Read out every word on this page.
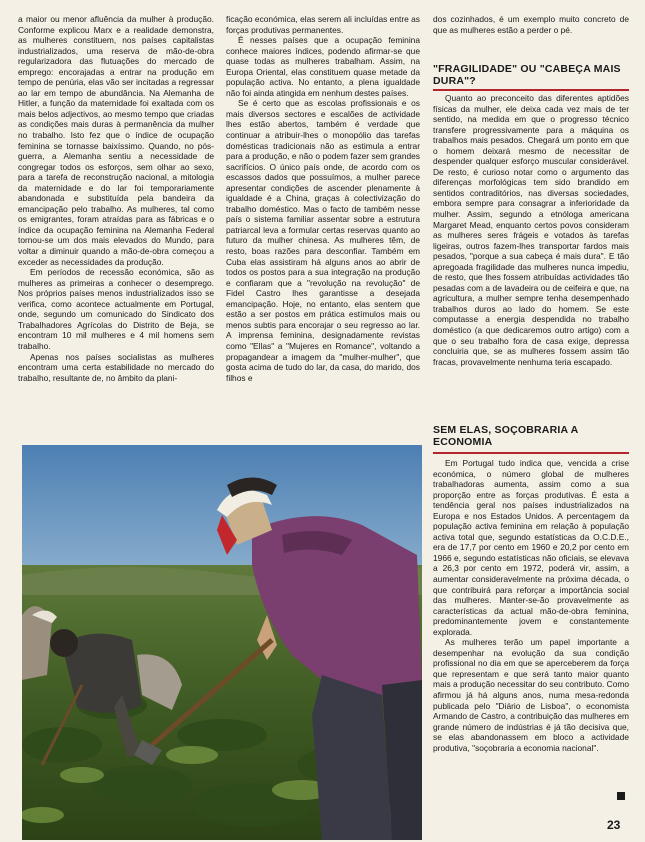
a maior ou menor afluência da mulher à produção. Conforme explicou Marx e a realidade demonstra, as mulheres constituem, nos países capitalistas industrializados, uma reserva de mão-de-obra regularizadora das flutuações do mercado de emprego: encorajadas a entrar na produção em tempo de penúria, elas vão ser incitadas a regressar ao lar em tempo de abundância. Na Alemanha de Hitler, a função da maternidade foi exaltada com os mais belos adjectivos, ao mesmo tempo que criadas as condições mais duras à permanência da mulher no trabalho. Isto fez que o índice de ocupação feminina se tornasse baixíssimo. Quando, no pós-guerra, a Alemanha sentiu a necessidade de congregar todos os esforços, sem olhar ao sexo, para a tarefa de reconstrução nacional, a mitologia da maternidade e do lar foi temporariamente abandonada e substituída pela bandeira da emancipação pelo trabalho. As mulheres, tal como os emigrantes, foram atraídas para as fábricas e o índice da ocupação feminina na Alemanha Federal tornou-se um dos mais elevados do Mundo, para voltar a diminuir quando a mão-de-obra começou a exceder as necessidades da produção.

Em períodos de recessão económica, são as mulheres as primeiras a conhecer o desemprego. Nos próprios países menos industrializados isso se verifica, como acontece actualmente em Portugal, onde, segundo um comunicado do Sindicato dos Trabalhadores Agrícolas do Distrito de Beja, se encontram 10 mil mulheres e 4 mil homens sem trabalho.

Apenas nos países socialistas as mulheres encontram uma certa estabilidade no mercado do trabalho, resultante de, no âmbito da plani-

ficação económica, elas serem ali incluídas entre as forças produtivas permanentes.

É nesses países que a ocupação feminina conhece maiores índices, podendo afirmar-se que quase todas as mulheres trabalham. Assim, na Europa Oriental, elas constituem quase metade da população activa. No entanto, a plena igualdade não foi ainda atingida em nenhum destes países.

Se é certo que as escolas profissionais e os mais diversos sectores e escalões de actividade lhes estão abertos, também é verdade que continuar a atribuir-lhes o monopólio das tarefas domésticas tradicionais não as estimula a entrar para a produção, e não o podem fazer sem grandes sacrifícios. O único país onde, de acordo com os escassos dados que possuímos, a mulher parece apresentar condições de ascender plenamente à igualdade é a China, graças à colectivização do trabalho doméstico. Mas o facto de também nesse país o sistema familiar assentar sobre a estrutura patriarcal leva a formular certas reservas quanto ao futuro da mulher chinesa. As mulheres têm, de resto, boas razões para desconfiar. Também em Cuba elas assistiram há alguns anos ao abrir de todos os postos para a sua integração na produção e confiaram que a "revolução na revolução" de Fidel Castro lhes garantisse a desejada emancipação. Hoje, no entanto, elas sentem que estão a ser postos em prática estímulos mais ou menos subtis para encorajar o seu regresso ao lar. A imprensa feminina, designadamente revistas como "Ellas" a "Mujeres en Romance", voltando a propagandear a imagem da "mulher-mulher", que gosta acima de tudo do lar, da casa, do marido, dos filhos e

dos cozinhados, é um exemplo muito concreto de que as mulheres estão a perder o pé.

"FRAGILIDADE" OU "CABEÇA MAIS DURA"?

Quanto ao preconceito das diferentes aptidões físicas da mulher, ele deixa cada vez mais de ter sentido, na medida em que o progresso técnico transfere progressivamente para a máquina os trabalhos mais pesados. Chegará um ponto em que o homem deixará mesmo de necessitar de despender qualquer esforço muscular considerável. De resto, é curioso notar como o argumento das diferenças morfológicas tem sido brandido em sentidos contraditórios, nas diversas sociedades, embora sempre para consagrar a inferioridade da mulher. Assim, segundo a etnóloga americana Margaret Mead, enquanto certos povos consideram as mulheres seres frágeis e votados às tarefas ligeiras, outros fazem-lhes transportar fardos mais pesados, "porque a sua cabeça é mais dura". E tão apregoada fragilidade das mulheres nunca impediu, de resto, que lhes fossem atribuídas actividades tão pesadas com a de lavadeira ou de ceifeira e que, na agricultura, a mulher sempre tenha desempenhado trabalhos duros ao lado do homem. Se este computasse a energia despendida no trabalho doméstico (a que dedicaremos outro artigo) com a que o seu trabalho fora de casa exige, depressa concluiria que, se as mulheres fossem assim tão fracas, provavelmente nenhuma teria escapado.

SEM ELAS, SOÇOBRARIA A ECONOMIA

Em Portugal tudo indica que, vencida a crise económica, o número global de mulheres trabalhadoras aumenta, assim como a sua proporção entre as forças produtivas. É esta a tendência geral nos países industrializados na Europa e nos Estados Unidos. A percentagem da população activa feminina em relação à população activa total que, segundo estatísticas da O.C.D.E., era de 17,7 por cento em 1960 e 20,2 por cento em 1966 e, segundo estatísticas não oficiais, se elevava a 26,3 por cento em 1972, poderá vir, assim, a aumentar consideravelmente na próxima década, o que contribuirá para reforçar a importância social das mulheres. Manter-se-ão provavelmente as características da actual mão-de-obra feminina, predominantemente jovem e constantemente explorada.

As mulheres terão um papel importante a desempenhar na evolução da sua condição profissional no dia em que se aperceberem da força que representam e que será tanto maior quanto mais a produção necessitar do seu contributo. Como afirmou já há alguns anos, numa mesa-redonda publicada pelo "Diário de Lisboa", o economista Armando de Castro, a contribuição das mulheres em grande número de indústrias é já tão decisiva que, se elas abandonassem em bloco a actividade produtiva, "soçobraria a economia nacional".

23
